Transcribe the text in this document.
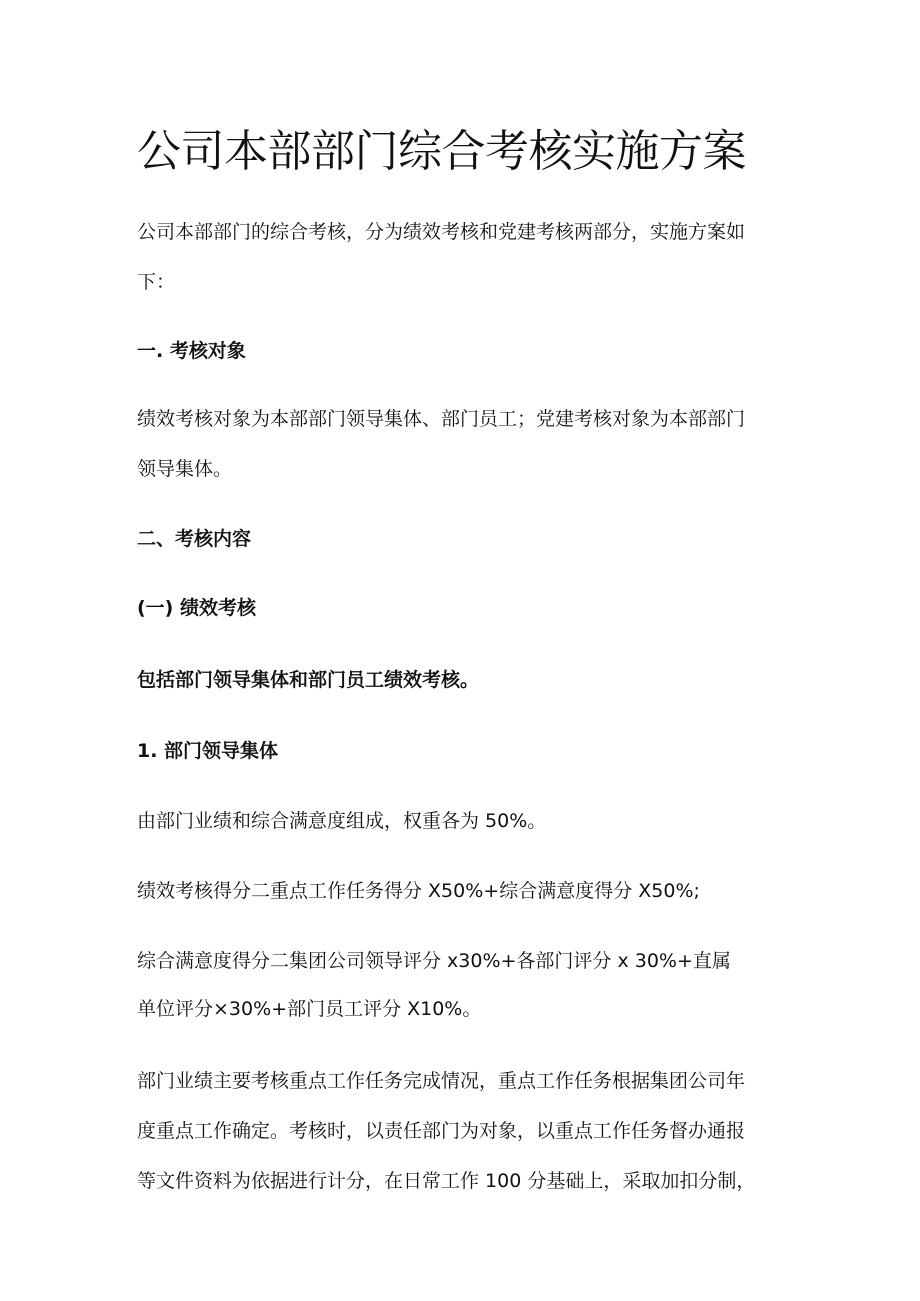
公司本部部门综合考核实施方案

公司本部部门的综合考核，分为绩效考核和党建考核两部分，实施方案如

下：

一. 考核对象

绩效考核对象为本部部门领导集体、部门员工；党建考核对象为本部部门

领导集体。

二、考核内容

(一) 绩效考核

包括部门领导集体和部门员工绩效考核。

1. 部门领导集体

由部门业绩和综合满意度组成，权重各为 50%。

绩效考核得分二重点工作任务得分 X50%+综合满意度得分 X50%;

综合满意度得分二集团公司领导评分 x30%+各部门评分 x 30%+直属

单位评分×30%+部门员工评分 X10%。

部门业绩主要考核重点工作任务完成情况，重点工作任务根据集团公司年

度重点工作确定。考核时，以责任部门为对象，以重点工作任务督办通报

等文件资料为依据进行计分，在日常工作 100 分基础上，采取加扣分制，
